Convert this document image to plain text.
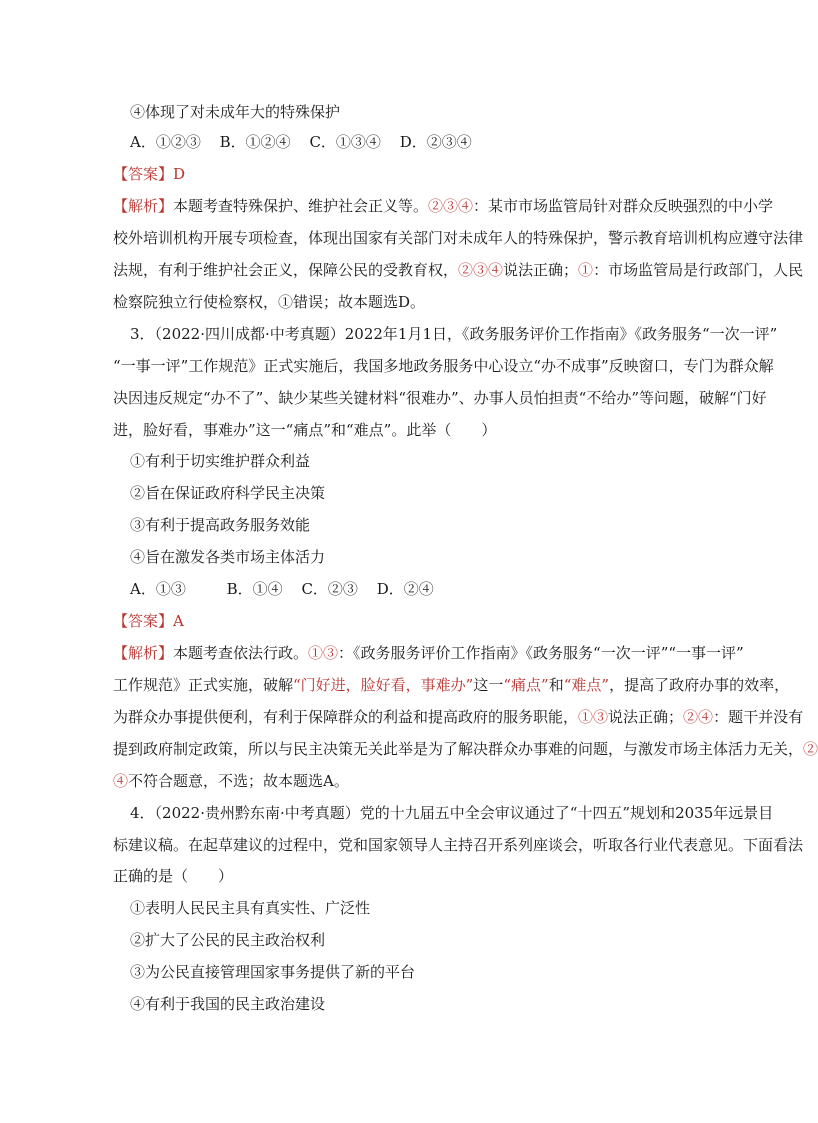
④体现了对未成年大的特殊保护
A．①②③ B．①②④ C．①③④ D．②③④
【答案】D
【解析】本题考查特殊保护、维护社会正义等。②③④：某市市场监管局针对群众反映强烈的中小学
校外培训机构开展专项检查，体现出国家有关部门对未成年人的特殊保护，警示教育培训机构应遵守法律
法规，有利于维护社会正义，保障公民的受教育权，②③④说法正确；①：市场监管局是行政部门，人民
检察院独立行使检察权，①错误；故本题选D。
3．（2022·四川成都·中考真题）2022年1月1日，《政务服务评价工作指南》《政务服务“一次一评”
“一事一评”工作规范》正式实施后，我国多地政务服务中心设立“办不成事”反映窗口，专门为群众解
决因违反规定“办不了”、缺少某些关键材料“很难办”、办事人员怕担责“不给办”等问题，破解“门好
进，脸好看，事难办”这一“痛点”和“难点”。此举（　　）
①有利于切实维护群众利益
②旨在保证政府科学民主决策
③有利于提高政务服务效能
④旨在激发各类市场主体活力
A．①③	B．①④ C．②③ D．②④
【答案】A
【解析】本题考查依法行政。①③：《政务服务评价工作指南》《政务服务“一次一评”“一事一评”
工作规范》正式实施，破解“门好进，脸好看，事难办”这一“痛点”和“难点”，提高了政府办事的效率，
为群众办事提供便利，有利于保障群众的利益和提高政府的服务职能，①③说法正确；②④：题干并没有
提到政府制定政策，所以与民主决策无关此举是为了解决群众办事难的问题，与激发市场主体活力无关，②
④不符合题意，不选；故本题选A。
4．（2022·贵州黔东南·中考真题）党的十九届五中全会审议通过了“十四五”规划和2035年远景目
标建议稿。在起草建议的过程中，党和国家领导人主持召开系列座谈会，听取各行业代表意见。下面看法
正确的是（　　）
①表明人民民主具有真实性、广泛性
②扩大了公民的民主政治权利
③为公民直接管理国家事务提供了新的平台
④有利于我国的民主政治建设
